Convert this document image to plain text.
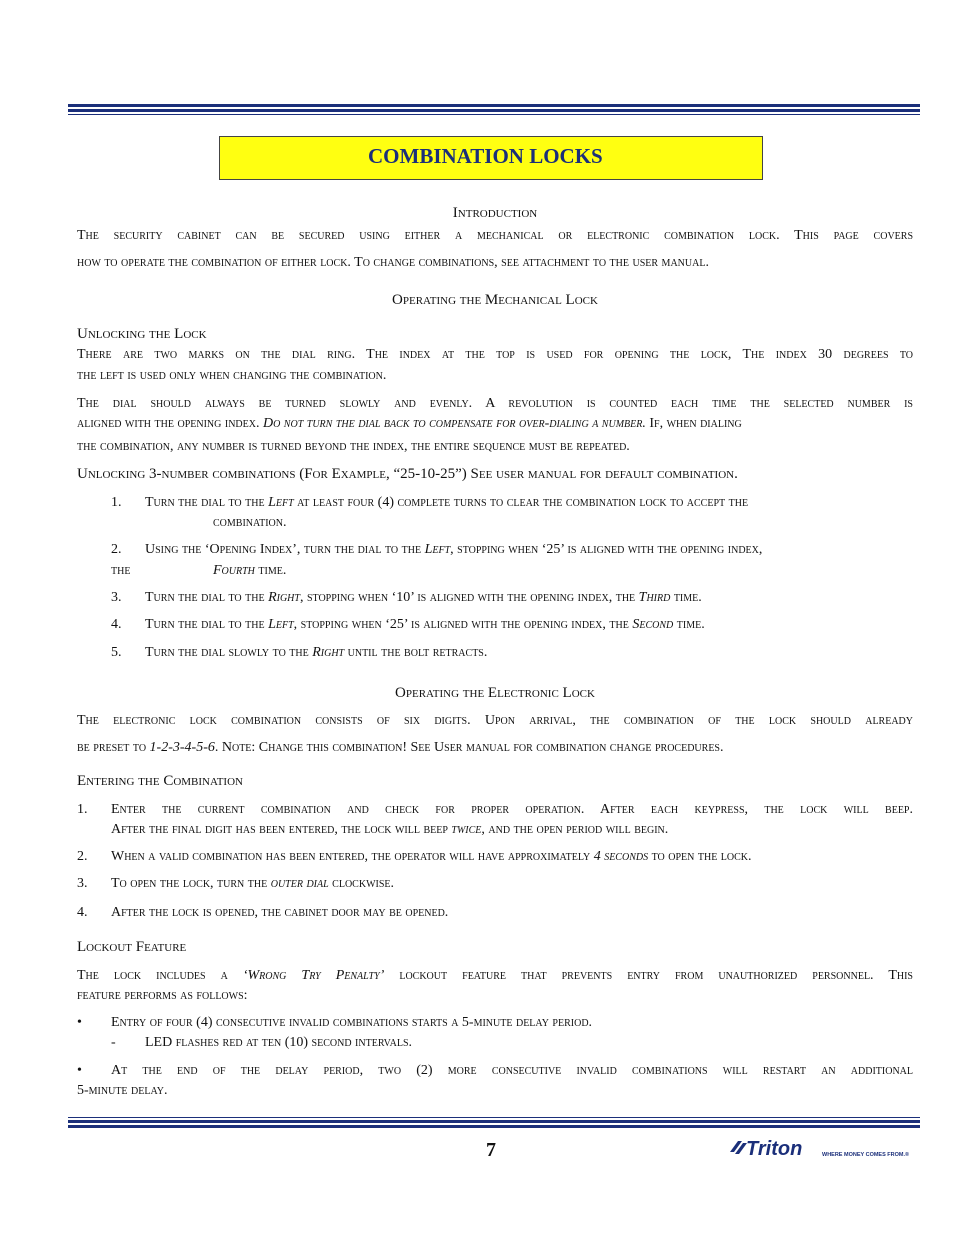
COMBINATION LOCKS
Introduction
The security cabinet can be secured using either a mechanical or electronic combination lock. This page covers
how to operate the combination of either lock. To change combinations, see attachment to the user manual.
Operating the Mechanical Lock
Unlocking the Lock
There are two marks on the dial ring. The index at the top is used for opening the lock, The index 30 degrees to
the left is used only when changing the combination.
The dial should always be turned slowly and evenly. A revolution is counted each time the selected number is
aligned with the opening index. Do not turn the dial back to compensate for over-dialing a number. If, when dialing
the combination, any number is turned beyond the index, the entire sequence must be repeated.
Unlocking 3-number combinations (For Example, “25-10-25”) See user manual for default combination.
1. Turn the dial to the Left at least four (4) complete turns to clear the combination lock to accept the
combination.
2. Using the ‘Opening Index’, turn the dial to the Left, stopping when ‘25’ is aligned with the opening index,
the	Fourth time.
3. Turn the dial to the Right, stopping when ‘10’ is aligned with the opening index, the Third time.
4. Turn the dial to the Left, stopping when ‘25’ is aligned with the opening index, the Second time.
5. Turn the dial slowly to the Right until the bolt retracts.
Operating the Electronic Lock
The electronic lock combination consists of six digits. Upon arrival, the combination of the lock should already
be preset to 1-2-3-4-5-6. Note: Change this combination! See User manual for combination change procedures.
Entering the Combination
1. Enter the current combination and check for proper operation. After each keypress, the lock will beep.
After the final digit has been entered, the lock will beep twice, and the open period will begin.
2. When a valid combination has been entered, the operator will have approximately 4 seconds to open the lock.
3. To open the lock, turn the outer dial clockwise.
4. After the lock is opened, the cabinet door may be opened.
Lockout Feature
The lock includes a ‘Wrong Try Penalty’ lockout feature that prevents entry from unauthorized personnel. This
feature performs as follows:
• Entry of four (4) consecutive invalid combinations starts a 5-minute delay period.
- LED flashes red at ten (10) second intervals.
• At the end of the delay period, two (2) more consecutive invalid combinations will restart an additional
5-minute delay.
7	Triton	WHERE MONEY COMES FROM.®
